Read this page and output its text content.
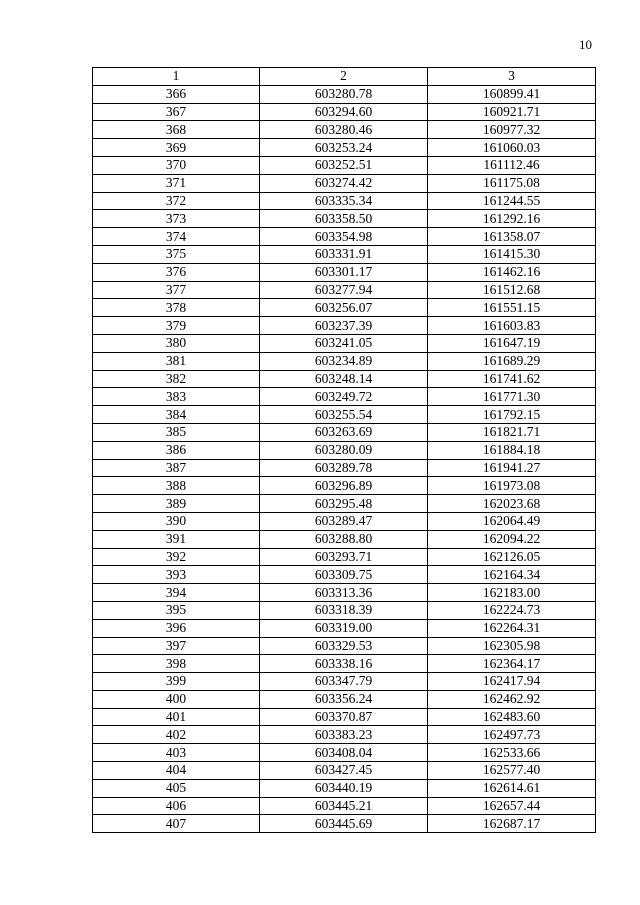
10
1	2	3
366	603280.78	160899.41
367	603294.60	160921.71
368	603280.46	160977.32
369	603253.24	161060.03
370	603252.51	161112.46
371	603274.42	161175.08
372	603335.34	161244.55
373	603358.50	161292.16
374	603354.98	161358.07
375	603331.91	161415.30
376	603301.17	161462.16
377	603277.94	161512.68
378	603256.07	161551.15
379	603237.39	161603.83
380	603241.05	161647.19
381	603234.89	161689.29
382	603248.14	161741.62
383	603249.72	161771.30
384	603255.54	161792.15
385	603263.69	161821.71
386	603280.09	161884.18
387	603289.78	161941.27
388	603296.89	161973.08
389	603295.48	162023.68
390	603289.47	162064.49
391	603288.80	162094.22
392	603293.71	162126.05
393	603309.75	162164.34
394	603313.36	162183.00
395	603318.39	162224.73
396	603319.00	162264.31
397	603329.53	162305.98
398	603338.16	162364.17
399	603347.79	162417.94
400	603356.24	162462.92
401	603370.87	162483.60
402	603383.23	162497.73
403	603408.04	162533.66
404	603427.45	162577.40
405	603440.19	162614.61
406	603445.21	162657.44
407	603445.69	162687.17
